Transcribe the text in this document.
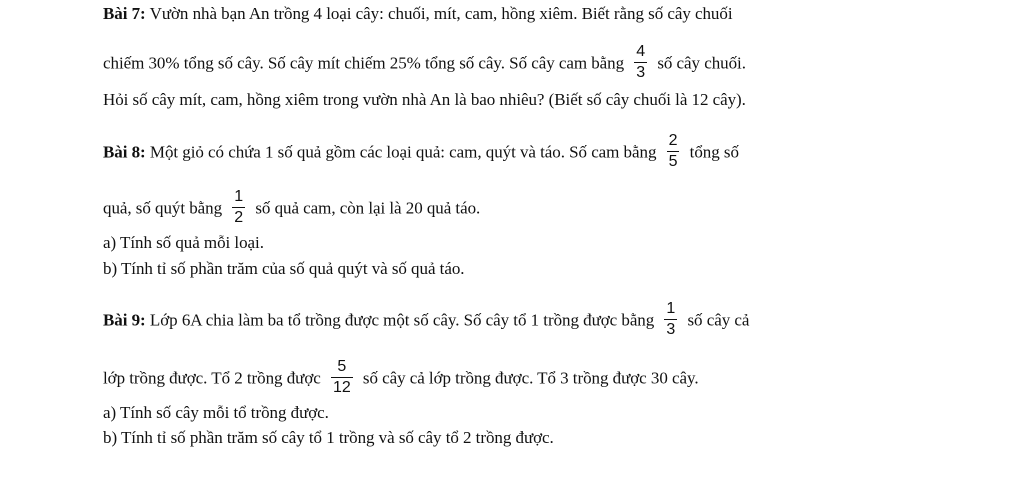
Bài 7: Vườn nhà bạn An trồng 4 loại cây: chuối, mít, cam, hồng xiêm. Biết rằng số cây chuối
chiếm 30% tổng số cây. Số cây mít chiếm 25% tổng số cây. Số cây cam bằng $\frac{4}{3}$ số cây chuối.
Hỏi số cây mít, cam, hồng xiêm trong vườn nhà An là bao nhiêu? (Biết số cây chuối là 12 cây).
Bài 8: Một giỏ có chứa 1 số quả gồm các loại quả: cam, quýt và táo. Số cam bằng $\frac{2}{5}$ tổng số
quả, số quýt bằng $\frac{1}{2}$ số quả cam, còn lại là 20 quả táo.
a) Tính số quả mỗi loại.
b) Tính tỉ số phần trăm của số quả quýt và số quả táo.
Bài 9: Lớp 6A chia làm ba tổ trồng được một số cây. Số cây tổ 1 trồng được bằng $\frac{1}{3}$ số cây cả
lớp trồng được. Tổ 2 trồng được $\frac{5}{12}$ số cây cả lớp trồng được. Tổ 3 trồng được 30 cây.
a) Tính số cây mỗi tổ trồng được.
b) Tính tỉ số phần trăm số cây tổ 1 trồng và số cây tổ 2 trồng được.
